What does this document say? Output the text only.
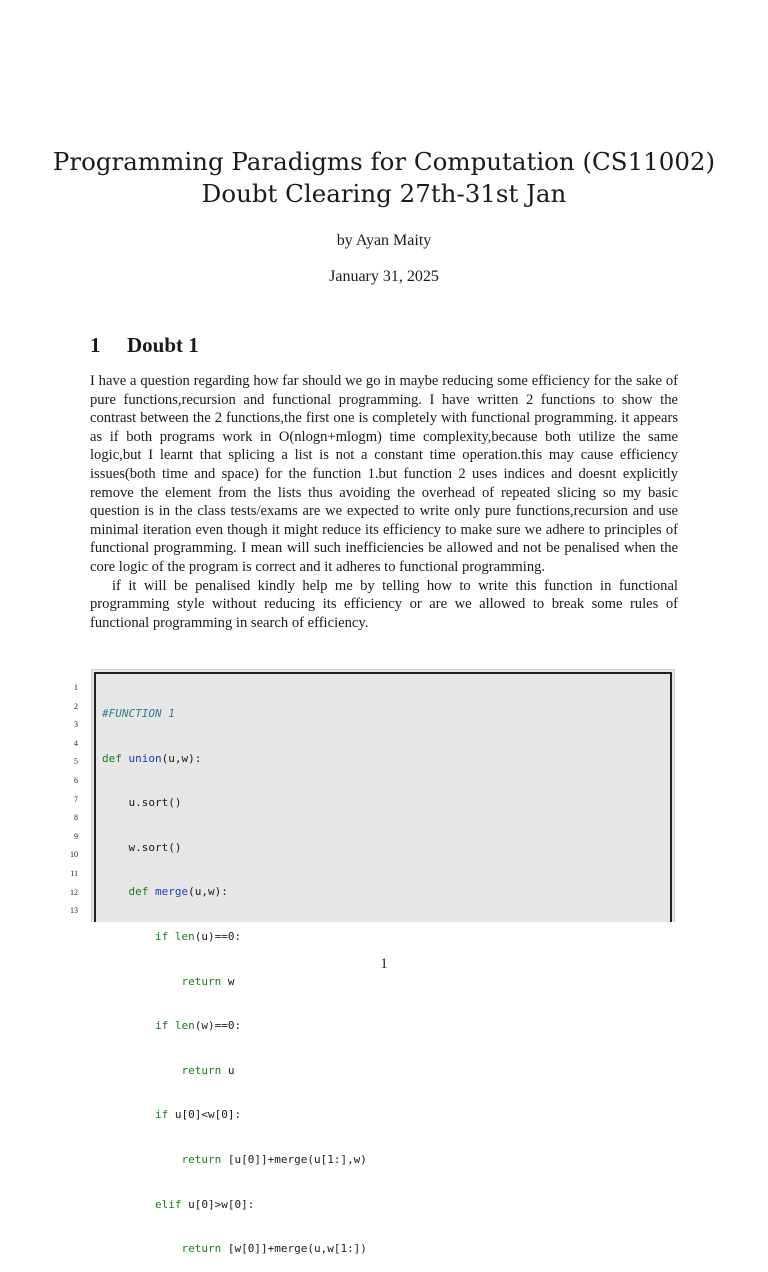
Programming Paradigms for Computation (CS11002)
Doubt Clearing 27th-31st Jan
by Ayan Maity
January 31, 2025
1 Doubt 1

I have a question regarding how far should we go in maybe reducing some efficiency for the sake of pure functions,recursion and functional programming. I have written 2 functions to show the contrast between the 2 functions,the first one is completely with functional programming. it appears as if both programs work in O(nlogn+mlogm) time complexity,because both utilize the same logic,but I learnt that splicing a list is not a constant time operation.this may cause efficiency issues(both time and space) for the function 1.but function 2 uses indices and doesnt explicitly remove the element from the lists thus avoiding the overhead of repeated slicing so my basic question is in the class tests/exams are we expected to write only pure functions,recursion and use minimal iteration even though it might reduce its efficiency to make sure we adhere to principles of functional programming. I mean will such inefficiencies be allowed and not be penalised when the core logic of the program is correct and it adheres to functional programming.

if it will be penalised kindly help me by telling how to write this function in functional programming style without reducing its efficiency or are we allowed to break some rules of functional programming in search of efficiency.

1
2
3
4
5
6
7
8
9
10
11
12
13

#FUNCTION 1

def union(u,w):

u.sort()

w.sort()

def merge(u,w):

if len(u)==0:

return w

if len(w)==0:

return u

if u[0]<w[0]:

return [u[0]]+merge(u[1:],w)

elif u[0]>w[0]:

return [w[0]]+merge(u,w[1:])

1
